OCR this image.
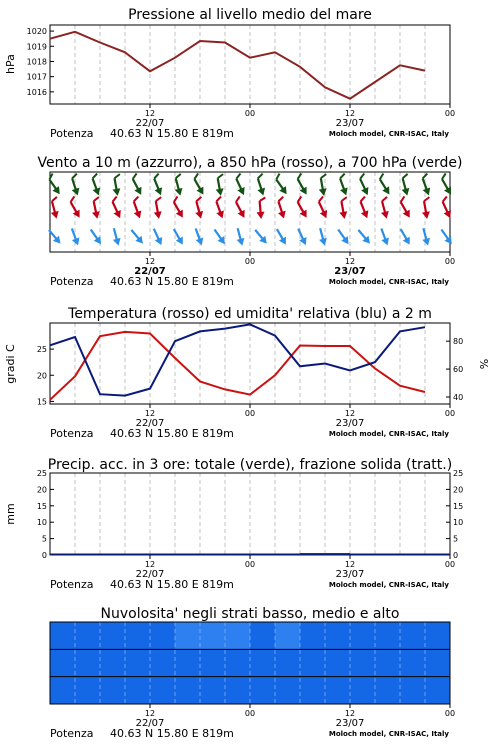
Pressione al livello medio del mare
hPa
1016
1017
1018
1019
1020
12	00	12	00
22/07	23/07
Potenza 40.63 N 15.80 E 819m	Moloch model, CNR-ISAC, Italy
Vento a 10 m (azzurro), a 850 hPa (rosso), a 700 hPa (verde)
12	00	12	00
22/07	23/07
Potenza 40.63 N 15.80 E 819m	Moloch model, CNR-ISAC, Italy
Temperatura (rosso) ed umidita' relativa (blu) a 2 m
gradi C	%
15
20
25
40
60
80
12	00	12	00
22/07	23/07
Potenza 40.63 N 15.80 E 819m	Moloch model, CNR-ISAC, Italy
Precip. acc. in 3 ore: totale (verde), frazione solida (tratt.)
mm
0
5
10
15
20
25
0
5
10
15
20
25
12	00	12	00
22/07	23/07
Potenza 40.63 N 15.80 E 819m	Moloch model, CNR-ISAC, Italy
Nuvolosita' negli strati basso, medio e alto
12	00	12	00
22/07	23/07
Potenza 40.63 N 15.80 E 819m	Moloch model, CNR-ISAC, Italy
